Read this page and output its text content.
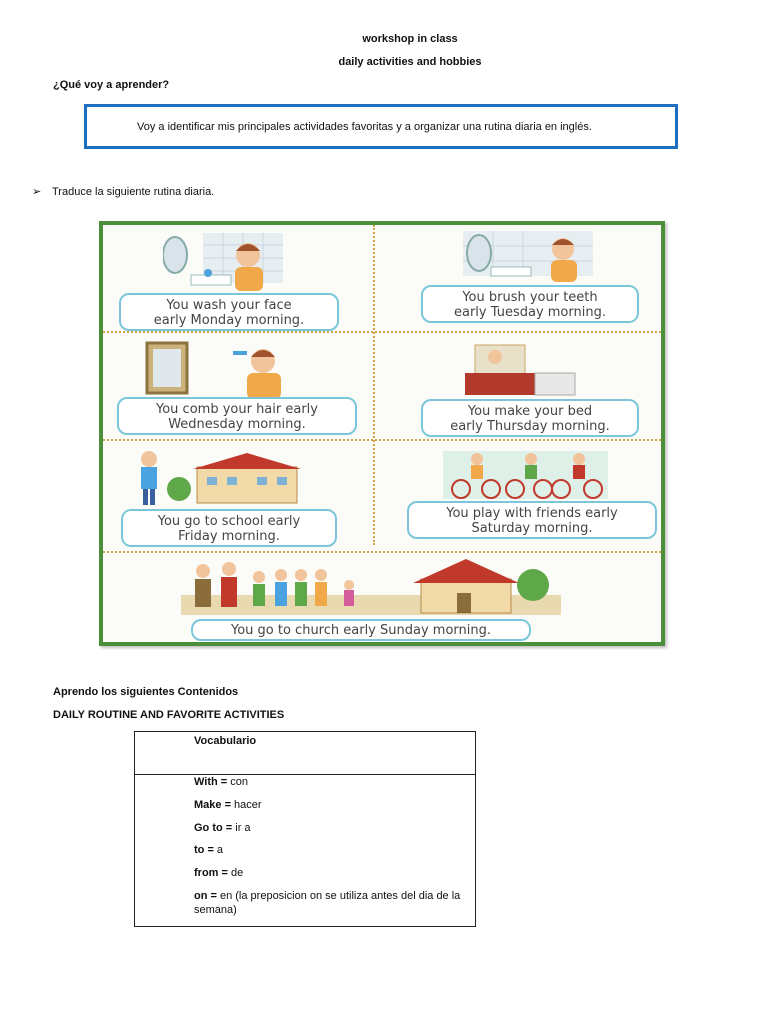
workshop in class
daily activities and hobbies
¿Qué voy a aprender?
Voy a identificar mis principales actividades favoritas y a organizar una rutina diaria en inglés.
➢ Traduce la siguiente rutina diaria.
You wash your face
early Monday morning.
You brush your teeth
early Tuesday morning.
You comb your hair early
Wednesday morning.
You make your bed
early Thursday morning.
You go to school early
Friday morning.
You play with friends early
Saturday morning.
You go to church early Sunday morning.
Aprendo los siguientes Contenidos
DAILY ROUTINE AND FAVORITE ACTIVITIES
Vocabulario
With = con
Make = hacer
Go to = ir a
to = a
from = de
on = en (la preposicion on se utiliza antes del dia de la semana)
